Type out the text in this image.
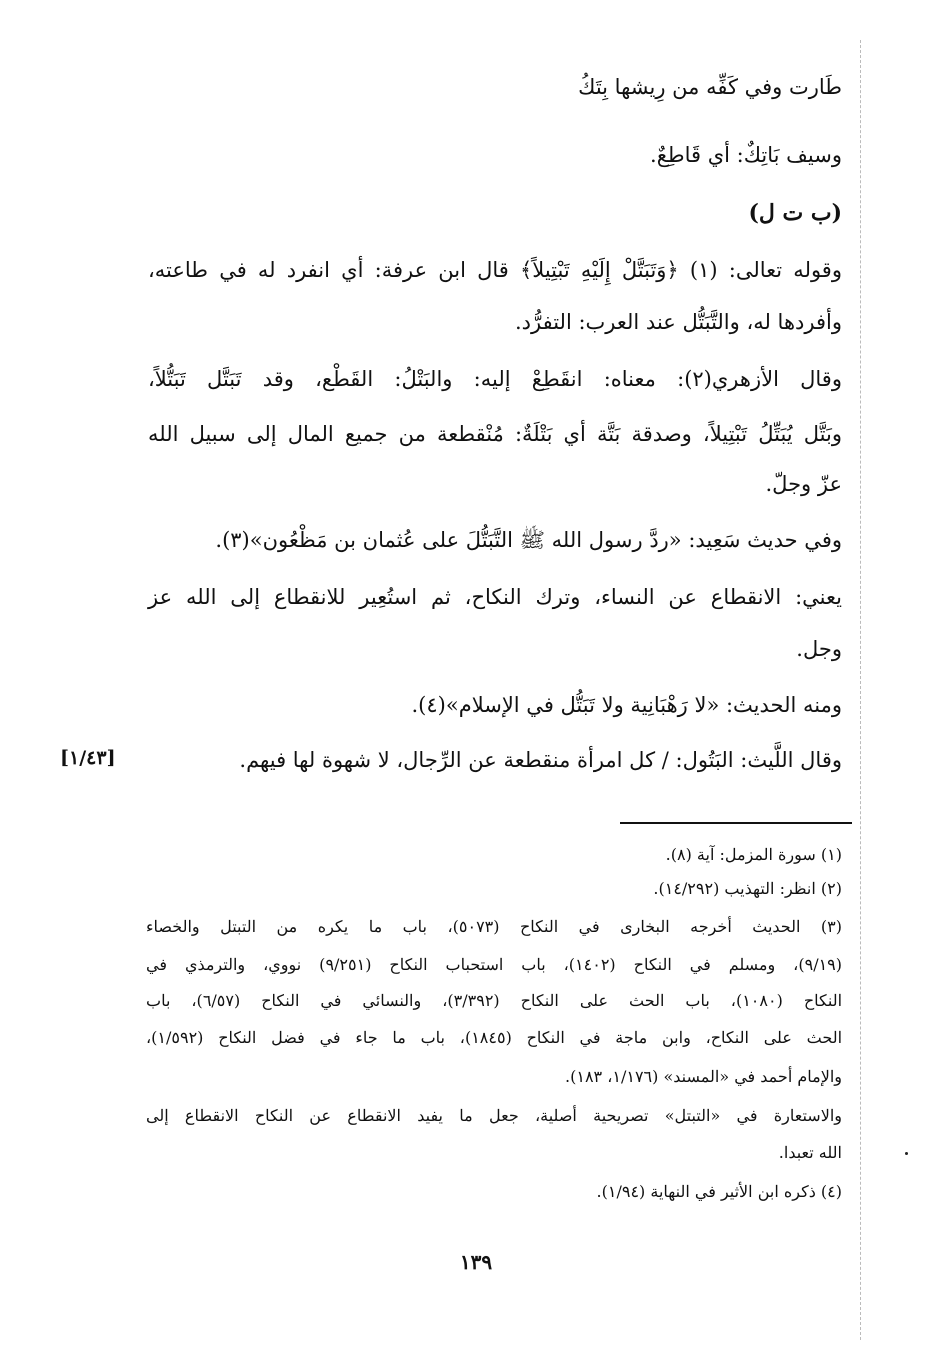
طَارت وفي كَفِّه من رِيشها بِتَكُ
وسيف بَاتِكٌ: أي قَاطِعٌ.
(ب ت ل)
وقوله تعالى: (١) ﴿وَتَبَتَّلْ إِلَيْهِ تَبْتِيلاً﴾ قال ابن عرفة: أي انفرد له في طاعته،
وأفردها له، والتَّبَتُّل عند العرب: التفرُّد.
وقال الأزهري(٢): معناه: انقَطِعْ إليه: والبَتْلُ: القَطْع، وقد تَبَتَّل تَبَتُّلاً،
وبَتَّل يُبَتِّلُ تَبْتِيلاً، وصدقة بَتَّة أي بَتْلَةٌ: مُنْقطعة من جميع المال إلى سبيل الله
عزّ وجلّ.
وفي حديث سَعِيد: «ردَّ رسول الله ﷺ التَّبَتُّلَ على عُثمان بن مَظْعُون»(٣).
يعني: الانقطاع عن النساء، وترك النكاح، ثم استُعِير للانقطاع إلى الله عز
وجل.
ومنه الحديث: «لا رَهْبَانِية ولا تَبَتُّل في الإسلام»(٤).
وقال اللَّيث: البَتُول: / كل امرأة منقطعة عن الرِّجال، لا شهوة لها فيهم.
[١/٤٣]
(١) سورة المزمل: آية (٨).
(٢) انظر: التهذيب (١٤/٢٩٢).
(٣) الحديث أخرجه البخارى في النكاح (٥٠٧٣)، باب ما يكره من التبتل والخصاء
(٩/١٩)، ومسلم في النكاح (١٤٠٢)، باب استحباب النكاح (٩/٢٥١) نووي، والترمذي في
النكاح (١٠٨٠)، باب الحث على النكاح (٣/٣٩٢)، والنسائي في النكاح (٦/٥٧)، باب
الحث على النكاح، وابن ماجة في النكاح (١٨٤٥)، باب ما جاء في فضل النكاح (١/٥٩٢)،
والإمام أحمد في «المسند» (١/١٧٦، ١٨٣).
والاستعارة في «التبتل» تصريحية أصلية، جعل ما يفيد الانقطاع عن النكاح الانقطاع إلى
الله تعبدا.
(٤) ذكره ابن الأثير في النهاية (١/٩٤).
١٣٩
